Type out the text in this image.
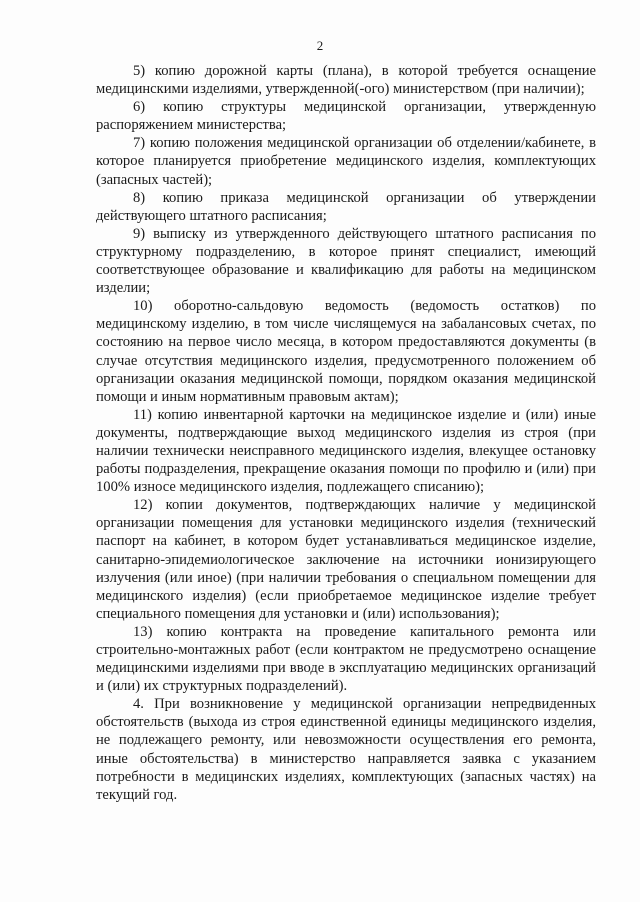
2

5) копию дорожной карты (плана), в которой требуется оснащение медицинскими изделиями, утвержденной(-ого) министерством (при наличии);

6) копию структуры медицинской организации, утвержденную распоряжением министерства;

7) копию положения медицинской организации об отделении/кабинете, в которое планируется приобретение медицинского изделия, комплектующих (запасных частей);

8) копию приказа медицинской организации об утверждении действующего штатного расписания;

9) выписку из утвержденного действующего штатного расписания по структурному подразделению, в которое принят специалист, имеющий соответствующее образование и квалификацию для работы на медицинском изделии;

10) оборотно-сальдовую ведомость (ведомость остатков) по медицинскому изделию, в том числе числящемуся на забалансовых счетах, по состоянию на первое число месяца, в котором предоставляются документы (в случае отсутствия медицинского изделия, предусмотренного положением об организации оказания медицинской помощи, порядком оказания медицинской помощи и иным нормативным правовым актам);

11) копию инвентарной карточки на медицинское изделие и (или) иные документы, подтверждающие выход медицинского изделия из строя (при наличии технически неисправного медицинского изделия, влекущее остановку работы подразделения, прекращение оказания помощи по профилю и (или) при 100% износе медицинского изделия, подлежащего списанию);

12) копии документов, подтверждающих наличие у медицинской организации помещения для установки медицинского изделия (технический паспорт на кабинет, в котором будет устанавливаться медицинское изделие, санитарно-эпидемиологическое заключение на источники ионизирующего излучения (или иное) (при наличии требования о специальном помещении для медицинского изделия) (если приобретаемое медицинское изделие требует специального помещения для установки и (или) использования);

13) копию контракта на проведение капитального ремонта или строительно-монтажных работ (если контрактом не предусмотрено оснащение медицинскими изделиями при вводе в эксплуатацию медицинских организаций и (или) их структурных подразделений).

4. При возникновение у медицинской организации непредвиденных обстоятельств (выхода из строя единственной единицы медицинского изделия, не подлежащего ремонту, или невозможности осуществления его ремонта, иные обстоятельства) в министерство направляется заявка с указанием потребности в медицинских изделиях, комплектующих (запасных частях) на текущий год.
